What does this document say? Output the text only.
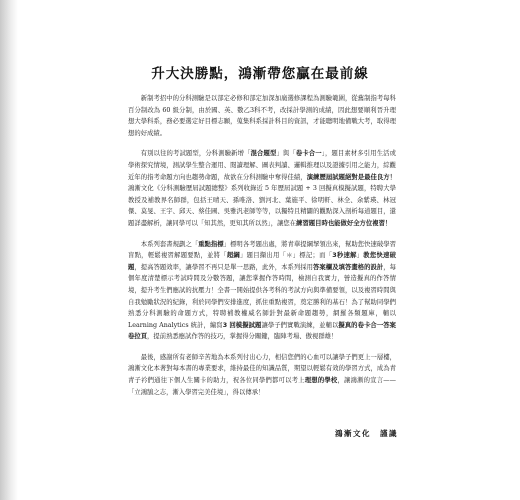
升大決勝點，鴻漸帶您贏在最前線

新制考招中的分科測驗是以部定必修和部定加深加廣選修課程為測驗範圍，從舊制指考每科百分制改為 60 級分制，由於國、英、數乙3科不考，改採計學測的成績，因此想要順利晉升理想大學科系，務必要選定好目標志願，蒐集科系採計科目的資訊，才能聰明地備戰大考，取得理想的好成績。

有別以往的考試題型，分科測驗新增「混合題型」與「卷卡合一」，題目素材多引用生活或學術探究情境，測試學生整合運用、閱讀理解、圖表判讀、邏輯推理以及證據引用之能力，綜觀近年的指考命題方向也趨勢命題，故欲在分科測驗中奪得佳績，演練歷屆試題絕對是最佳良方！鴻漸文化《分科測驗歷屆試題總整》系列收錄近 5 年歷屆試題 + 3 回擬真模擬試題，特聘大學教授及補教界名師群，包括王晴天、孫唯洛、劉河北、葉施平、徐明軒、林全、余紫瑛、林冠傑、莫旻、王宇、邱天、蔡佳圃、吳雅汎老師等等，以獨特且精闢的觀點深入剖析每道題目，還題詳盡解析，讓同學可以「知其然，更知其所以然」，讓您在練習題目時也能做好全方位複習！

本系列套書規劃之「重點指標」標明各考題出處，將青華提綱挈領出來，幫助您快速破學習盲點，輕鬆複習解題要點，並將「超綱」題目擷出用「＊」標記；而「3秒速解」教您快速破題，提高答題效率，讓學習不再只是單一思路，此外，本系列採用答案欄及填答畫格的設計，每個年度清楚標示考試時間及分數答題，讓您掌握作答時間，檢測自我實力，營造擬真的作答情境，提升考生們應試的抗壓力！全書一開始提供各考科的考試方向與準備要領，以及複習時間與自我勉勵狀況的紀錄，利於同學們安排進度，抓住重點複習，奠定勝利的基石！為了幫助同學們熟悉分科測驗的命題方式，特聘補教權威名師針對最新命題趨勢，網羅各類題庫，輔以 Learning Analytics 統計，編寫3 回模擬試題讓學子們實戰演練，並輔以擬真的卷卡合一答案卷拉頁，提前熟悉應試作答的技巧，掌握得分關鍵，臨陣考場、傲視群雄！

最後，感謝所有老師辛苦地為本系列付出心力，相信您們的心血可以讓學子們更上一層樓，鴻漸文化本著對每本書的專業要求，維持最佳的知識品質，期望以輕鬆有效的學習方式，成為青青子衿們通往下個人生關卡的助力，祝各位同學們都可以考上理想的學校，讓鴻漸的宣言——「立鴻鵠之志，漸入學習完美佳境」，得以傳承！

鴻漸文化　謹識
